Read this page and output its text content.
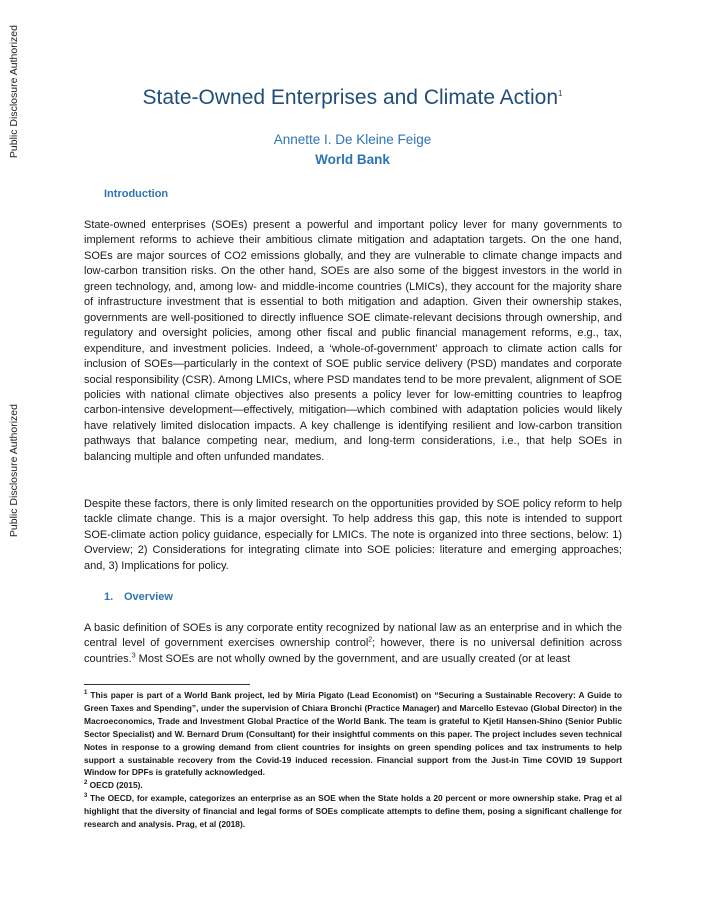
Public Disclosure Authorized
Public Disclosure Authorized
State-Owned Enterprises and Climate Action$^1$
Annette I. De Kleine Feige
World Bank
Introduction

State-owned enterprises (SOEs) present a powerful and important policy lever for many governments to implement reforms to achieve their ambitious climate mitigation and adaptation targets. On the one hand, SOEs are major sources of CO2 emissions globally, and they are vulnerable to climate change impacts and low-carbon transition risks. On the other hand, SOEs are also some of the biggest investors in the world in green technology, and, among low- and middle-income countries (LMICs), they account for the majority share of infrastructure investment that is essential to both mitigation and adaption. Given their ownership stakes, governments are well-positioned to directly influence SOE climate-relevant decisions through ownership, and regulatory and oversight policies, among other fiscal and public financial management reforms, e.g., tax, expenditure, and investment policies. Indeed, a ‘whole-of-government’ approach to climate action calls for inclusion of SOEs—particularly in the context of SOE public service delivery (PSD) mandates and corporate social responsibility (CSR). Among LMICs, where PSD mandates tend to be more prevalent, alignment of SOE policies with national climate objectives also presents a policy lever for low-emitting countries to leapfrog carbon-intensive development—effectively, mitigation—which combined with adaptation policies would likely have relatively limited dislocation impacts. A key challenge is identifying resilient and low-carbon transition pathways that balance competing near, medium, and long-term considerations, i.e., that help SOEs in balancing multiple and often unfunded mandates.

Despite these factors, there is only limited research on the opportunities provided by SOE policy reform to help tackle climate change. This is a major oversight. To help address this gap, this note is intended to support SOE-climate action policy guidance, especially for LMICs. The note is organized into three sections, below: 1) Overview; 2) Considerations for integrating climate into SOE policies: literature and emerging approaches; and, 3) Implications for policy.

1. Overview

A basic definition of SOEs is any corporate entity recognized by national law as an enterprise and in which the central level of government exercises ownership control$^2$; however, there is no universal definition across countries.$^3$ Most SOEs are not wholly owned by the government, and are usually created (or at least

$^1$ This paper is part of a World Bank project, led by Miria Pigato (Lead Economist) on “Securing a Sustainable Recovery: A Guide to Green Taxes and Spending”, under the supervision of Chiara Bronchi (Practice Manager) and Marcello Estevao (Global Director) in the Macroeconomics, Trade and Investment Global Practice of the World Bank. The team is grateful to Kjetil Hansen-Shino (Senior Public Sector Specialist) and W. Bernard Drum (Consultant) for their insightful comments on this paper. The project includes seven technical Notes in response to a growing demand from client countries for insights on green spending polices and tax instruments to help support a sustainable recovery from the Covid-19 induced recession. Financial support from the Just-in Time COVID 19 Support Window for DPFs is gratefully acknowledged.

$^2$ OECD (2015).

$^3$ The OECD, for example, categorizes an enterprise as an SOE when the State holds a 20 percent or more ownership stake. Prag et al highlight that the diversity of financial and legal forms of SOEs complicate attempts to define them, posing a significant challenge for research and analysis. Prag, et al (2018).
